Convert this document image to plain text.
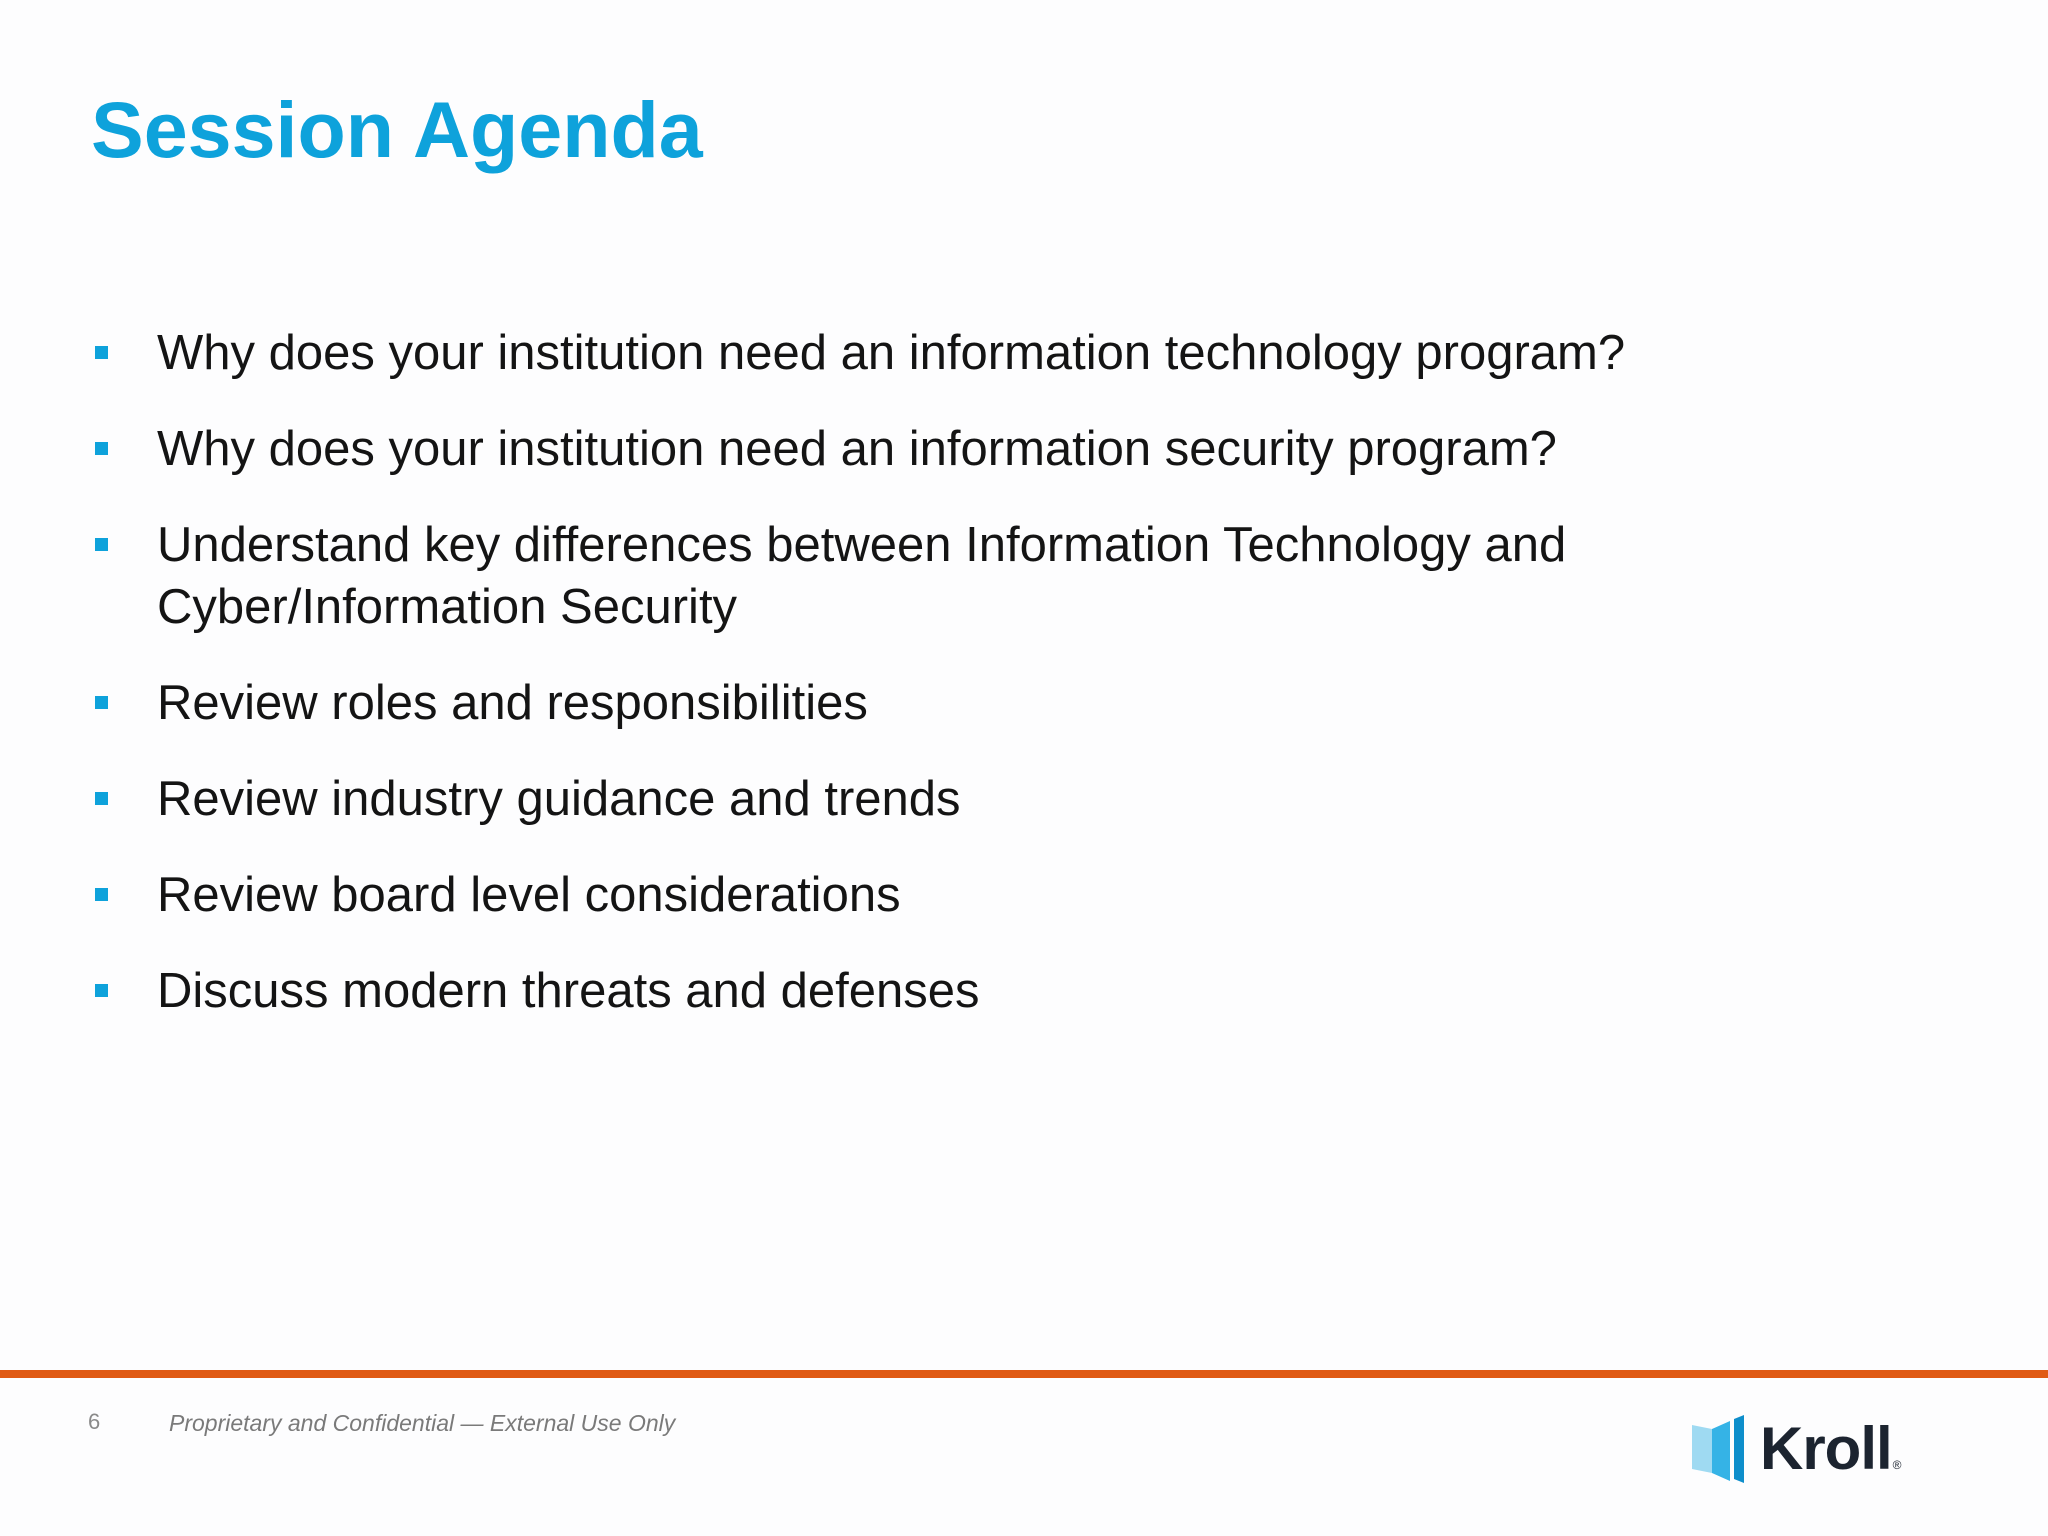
Session Agenda
Why does your institution need an information technology program?
Why does your institution need an information security program?
Understand key differences between Information Technology and Cyber/Information Security
Review roles and responsibilities
Review industry guidance and trends
Review board level considerations
Discuss modern threats and defenses
6	Proprietary and Confidential — External Use Only	Kroll ®
